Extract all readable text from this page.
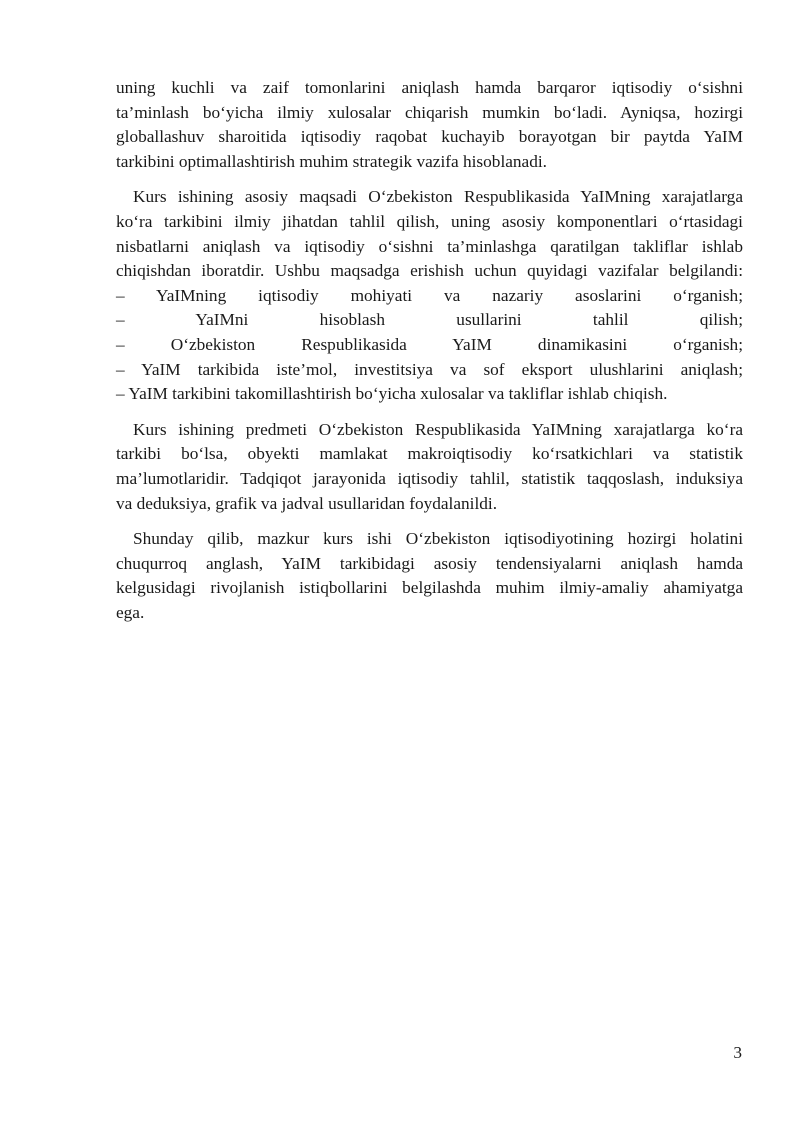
uning kuchli va zaif tomonlarini aniqlash hamda barqaror iqtisodiy o‘sishni
ta’minlash bo‘yicha ilmiy xulosalar chiqarish mumkin bo‘ladi. Ayniqsa, hozirgi
globallashuv sharoitida iqtisodiy raqobat kuchayib borayotgan bir paytda YaIM
tarkibini optimallashtirish muhim strategik vazifa hisoblanadi.

Kurs ishining asosiy maqsadi O‘zbekiston Respublikasida YaIMning xarajatlarga
ko‘ra tarkibini ilmiy jihatdan tahlil qilish, uning asosiy komponentlari o‘rtasidagi
nisbatlarni aniqlash va iqtisodiy o‘sishni ta’minlashga qaratilgan takliflar ishlab
chiqishdan iboratdir. Ushbu maqsadga erishish uchun quyidagi vazifalar belgilandi:
– YaIMning iqtisodiy mohiyati va nazariy asoslarini o‘rganish;
– YaIMni hisoblash usullarini tahlil qilish;
– O‘zbekiston Respublikasida YaIM dinamikasini o‘rganish;
– YaIM tarkibida iste’mol, investitsiya va sof eksport ulushlarini aniqlash;
– YaIM tarkibini takomillashtirish bo‘yicha xulosalar va takliflar ishlab chiqish.

Kurs ishining predmeti O‘zbekiston Respublikasida YaIMning xarajatlarga ko‘ra
tarkibi bo‘lsa, obyekti mamlakat makroiqtisodiy ko‘rsatkichlari va statistik
ma’lumotlaridir. Tadqiqot jarayonida iqtisodiy tahlil, statistik taqqoslash, induksiya
va deduksiya, grafik va jadval usullaridan foydalanildi.

Shunday qilib, mazkur kurs ishi O‘zbekiston iqtisodiyotining hozirgi holatini
chuqurroq anglash, YaIM tarkibidagi asosiy tendensiyalarni aniqlash hamda
kelgusidagi rivojlanish istiqbollarini belgilashda muhim ilmiy-amaliy ahamiyatga
ega.

3
